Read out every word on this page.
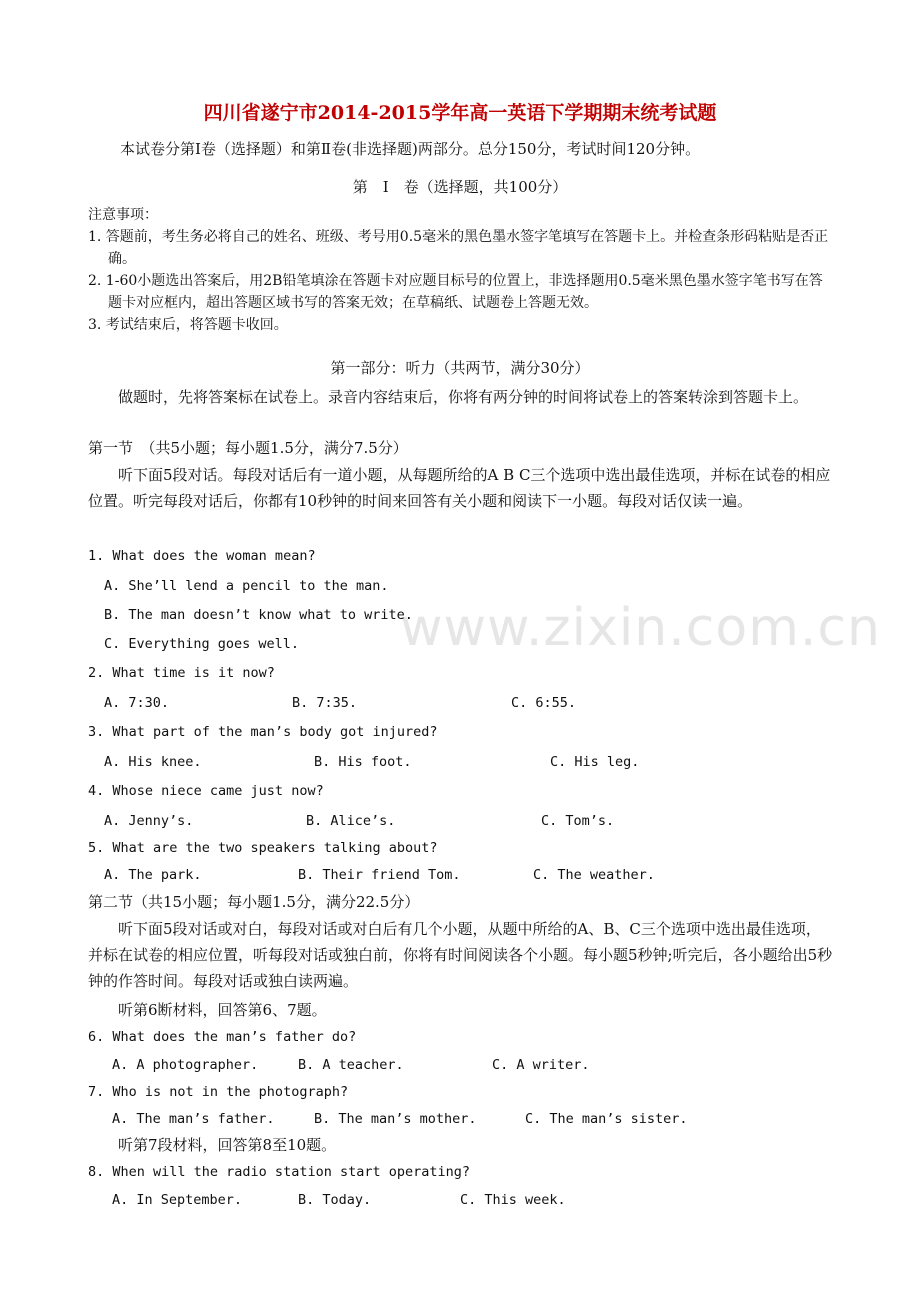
www.zixin.com.cn
四川省遂宁市2014-2015学年高一英语下学期期末统考试题
本试卷分第Ⅰ卷（选择题）和第Ⅱ卷(非选择题)两部分。总分150分，考试时间120分钟。
第　Ⅰ　卷（选择题，共100分）
注意事项：
1. 答题前，考生务必将自己的姓名、班级、考号用0.5毫米的黑色墨水签字笔填写在答题卡上。并检查条形码粘贴是否正确。
2. 1-60小题选出答案后，用2B铅笔填涂在答题卡对应题目标号的位置上，非选择题用0.5毫米黑色墨水签字笔书写在答题卡对应框内，超出答题区域书写的答案无效；在草稿纸、试题卷上答题无效。
3. 考试结束后，将答题卡收回。
第一部分：听力（共两节，满分30分）
做题时，先将答案标在试卷上。录音内容结束后，你将有两分钟的时间将试卷上的答案转涂到答题卡上。
第一节　（共5小题；每小题1.5分，满分7.5分）
听下面5段对话。每段对话后有一道小题，从每题所给的A B C三个选项中选出最佳选项，并标在试卷的相应位置。听完每段对话后，你都有10秒钟的时间来回答有关小题和阅读下一小题。每段对话仅读一遍。
1. What does the woman mean?
A. She’ll lend a pencil to the man.
B. The man doesn’t know what to write.
C. Everything goes well.
2. What time is it now?
A. 7:30.	B. 7:35.	C. 6:55.
3. What part of the man’s body got injured?
A. His knee.	B. His foot.	C. His leg.
4. Whose niece came just now?
A. Jenny’s.	B. Alice’s.	C. Tom’s.
5. What are the two speakers talking about?
A. The park.	B. Their friend Tom.	C. The weather.
第二节（共15小题；每小题1.5分，满分22.5分）
听下面5段对话或对白，每段对话或对白后有几个小题，从题中所给的A、B、C三个选项中选出最佳选项，并标在试卷的相应位置，听每段对话或独白前，你将有时间阅读各个小题。每小题5秒钟;听完后，各小题给出5秒钟的作答时间。每段对话或独白读两遍。
听第6断材料，回答第6、7题。
6. What does the man’s father do?
A. A photographer.	B. A teacher.	C. A writer.
7. Who is not in the photograph?
A. The man’s father.	B. The man’s mother.	C. The man’s sister.
听第7段材料，回答第8至10题。
8. When will the radio station start operating?
A. In September.	B. Today.	C. This week.
